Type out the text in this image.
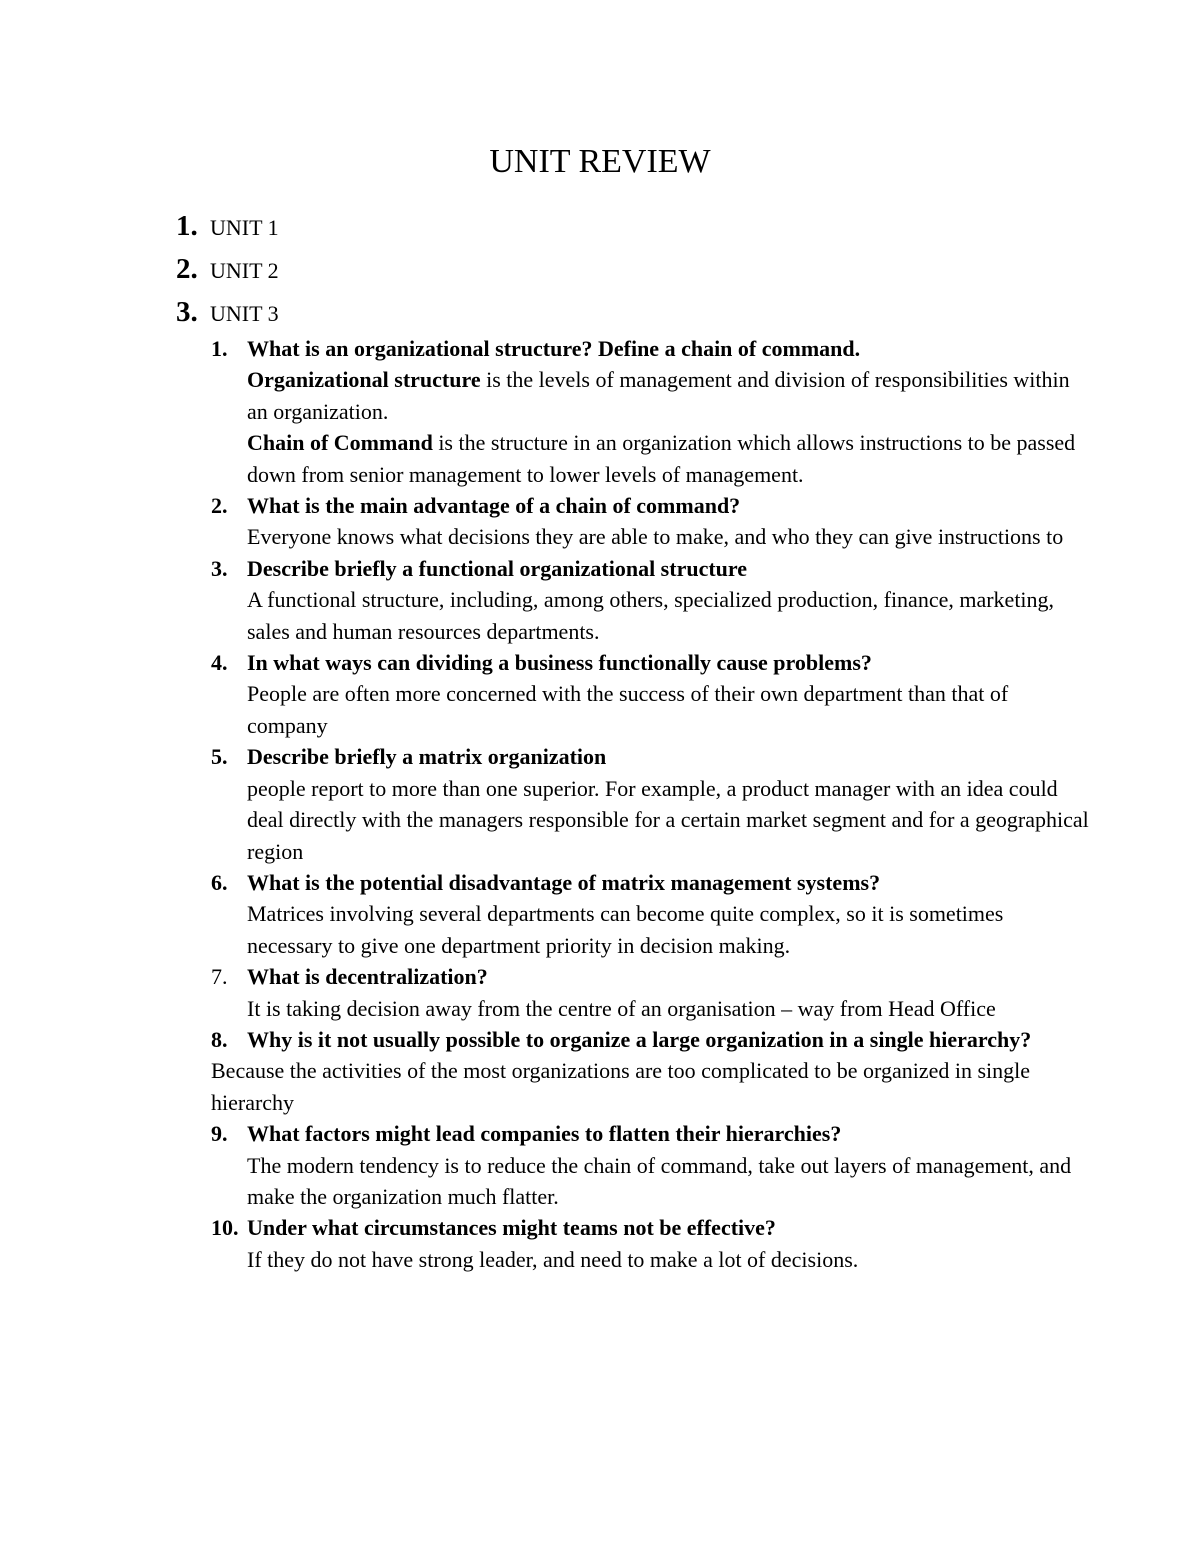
UNIT REVIEW
1. UNIT 1
2. UNIT 2
3. UNIT 3
1. What is an organizational structure? Define a chain of command.
Organizational structure is the levels of management and division of responsibilities within an organization.
Chain of Command is the structure in an organization which allows instructions to be passed down from senior management to lower levels of management.
2. What is the main advantage of a chain of command?
Everyone knows what decisions they are able to make, and who they can give instructions to
3. Describe briefly a functional organizational structure
A functional structure, including, among others, specialized production, finance, marketing, sales and human resources departments.
4. In what ways can dividing a business functionally cause problems?
People are often more concerned with the success of their own department than that of company
5. Describe briefly a matrix organization
people report to more than one superior. For example, a product manager with an idea could deal directly with the managers responsible for a certain market segment and for a geographical region
6. What is the potential disadvantage of matrix management systems?
Matrices involving several departments can become quite complex, so it is sometimes necessary to give one department priority in decision making.
7. What is decentralization?
It is taking decision away from the centre of an organisation – way from Head Office
8. Why is it not usually possible to organize a large organization in a single hierarchy?
Because the activities of the most organizations are too complicated to be organized in single hierarchy
9. What factors might lead companies to flatten their hierarchies?
The modern tendency is to reduce the chain of command, take out layers of management, and make the organization much flatter.
10. Under what circumstances might teams not be effective?
If they do not have strong leader, and need to make a lot of decisions.
